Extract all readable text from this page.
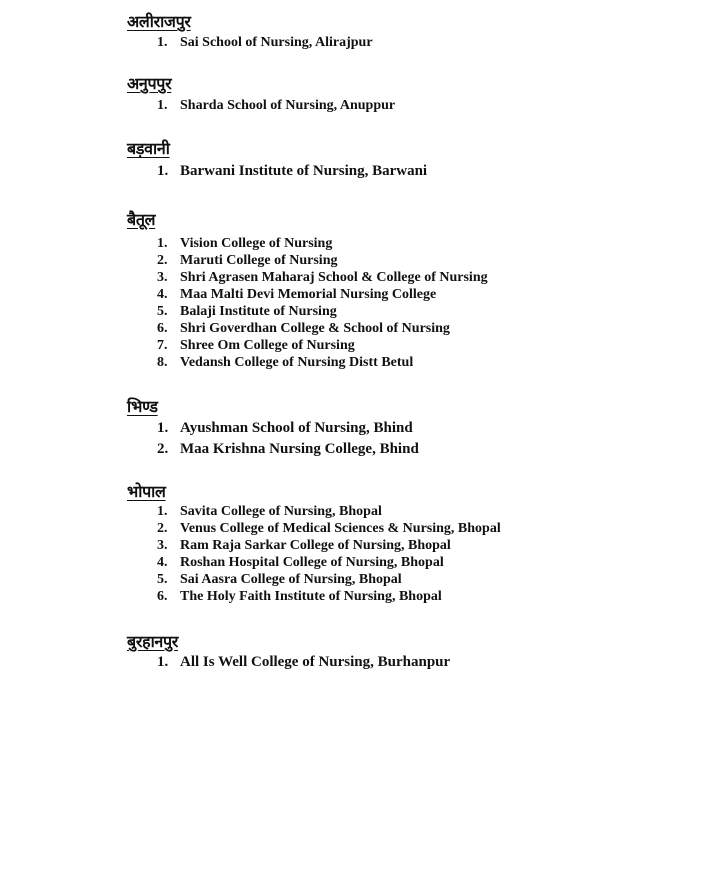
अलीराजपुर
1. Sai School of Nursing, Alirajpur
अनुपपुर
1. Sharda School of Nursing, Anuppur
बड़वानी
1. Barwani Institute of Nursing, Barwani
बैतूल
1. Vision College of Nursing
2. Maruti College of Nursing
3. Shri Agrasen Maharaj School & College of Nursing
4. Maa Malti Devi Memorial Nursing College
5. Balaji Institute of Nursing
6. Shri Goverdhan College & School of Nursing
7. Shree Om College of Nursing
8. Vedansh College of Nursing Distt Betul
भिण्ड
1. Ayushman School of Nursing, Bhind
2. Maa Krishna Nursing College, Bhind
भोपाल
1. Savita College of Nursing, Bhopal
2. Venus College of Medical Sciences & Nursing, Bhopal
3. Ram Raja Sarkar College of Nursing, Bhopal
4. Roshan Hospital College of Nursing, Bhopal
5. Sai Aasra College of Nursing, Bhopal
6. The Holy Faith Institute of Nursing, Bhopal
बुरहानपुर
1. All Is Well College of Nursing, Burhanpur
